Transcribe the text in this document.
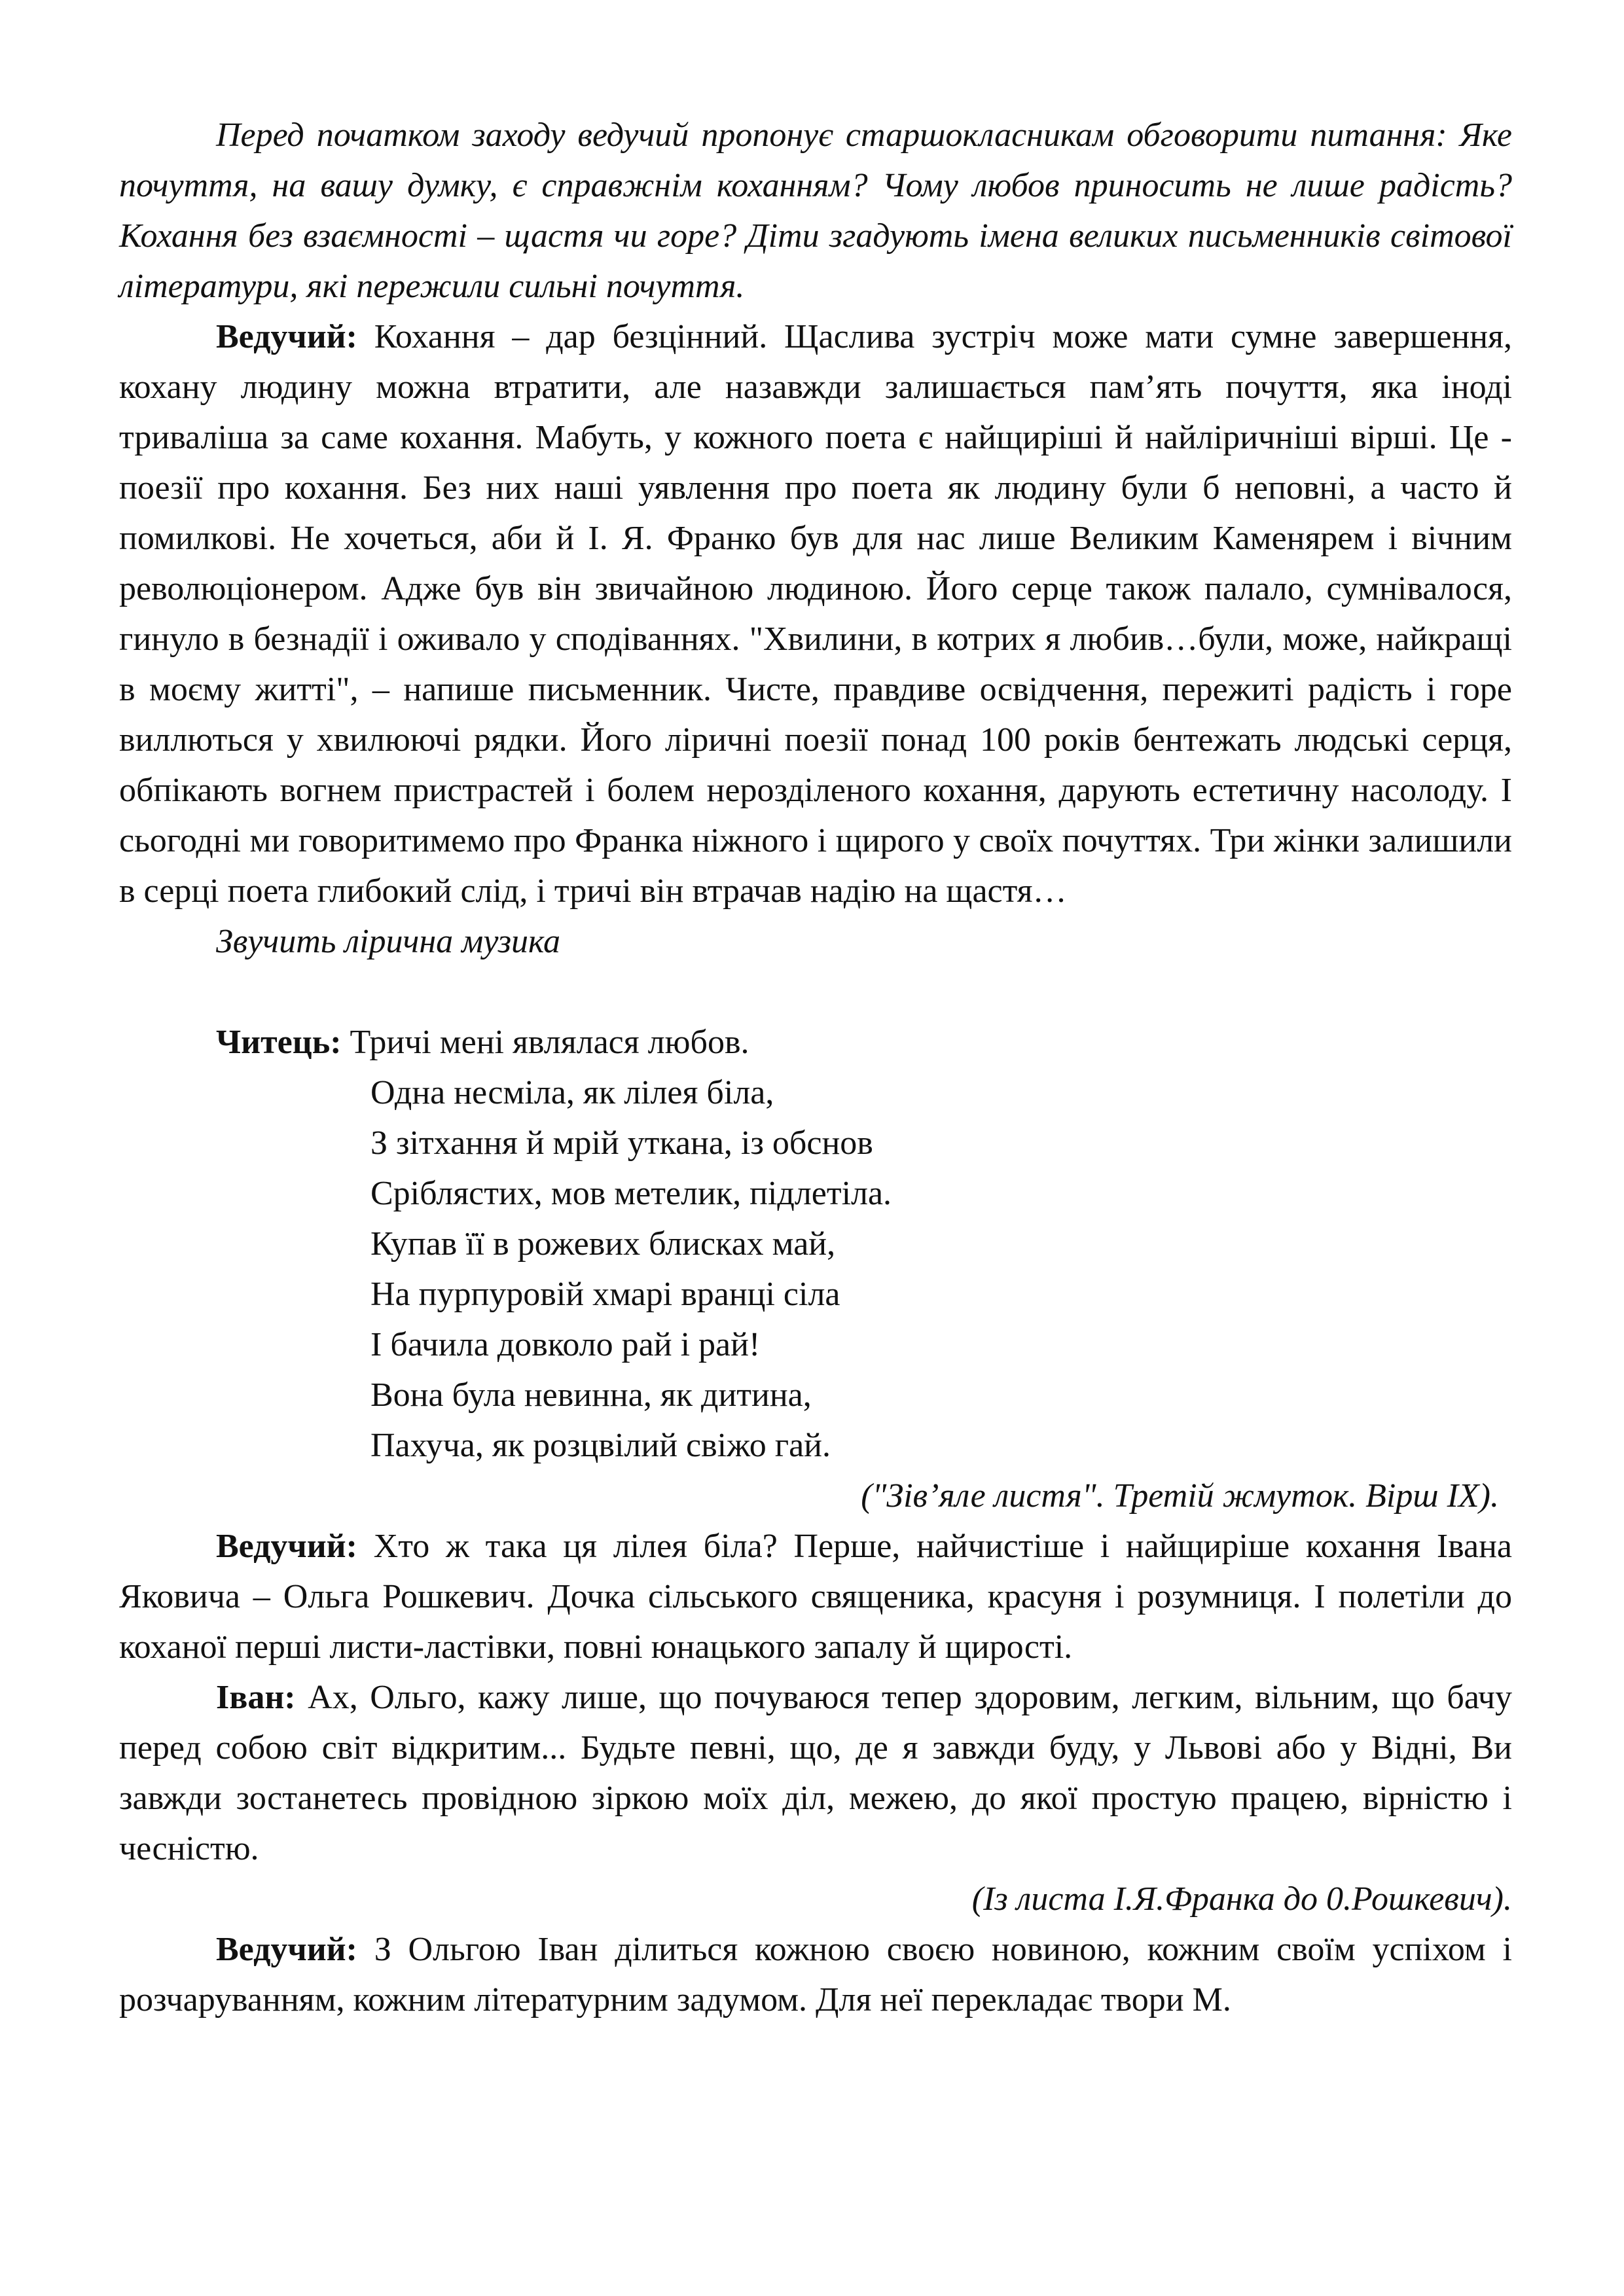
Перед початком заходу ведучий пропонує старшокласникам обговорити питання: Яке почуття, на вашу думку, є справжнім коханням? Чому любов приносить не лише радість? Кохання без взаємності – щастя чи горе? Діти згадують імена великих письменників світової літератури, які пережили сильні почуття.

Ведучий: Кохання – дар безцінний. Щаслива зустріч може мати сумне завершення, кохану людину можна втратити, але назавжди залишається пам’ять почуття, яка іноді триваліша за саме кохання. Мабуть, у кожного поета є найщиріші й найліричніші вірші. Це - поезії про кохання. Без них наші уявлення про поета як людину були б неповні, а часто й помилкові. Не хочеться, аби й І. Я. Франко був для нас лише Великим Каменярем і вічним революціонером. Адже був він звичайною людиною. Його серце також палало, сумнівалося, гинуло в безнадії і оживало у сподіваннях. "Хвилини, в котрих я любив…були, може, найкращі в моєму житті", – напише письменник. Чисте, правдиве освідчення, пережиті радість і горе виллються у хвилюючі рядки. Його ліричні поезії понад 100 років бентежать людські серця, обпікають вогнем пристрастей і болем нерозділеного кохання, дарують естетичну насолоду. І сьогодні ми говоритимемо про Франка ніжного і щирого у своїх почуттях. Три жінки залишили в серці поета глибокий слід, і тричі він втрачав надію на щастя…

Звучить лірична музика

Читець: Тричі мені являлася любов.
Одна несміла, як лілея біла,
З зітхання й мрій уткана, із обснов
Сріблястих, мов метелик, підлетіла.
Купав її в рожевих блисках май,
На пурпуровій хмарі вранці сіла
І бачила довколо рай і рай!
Вона була невинна, як дитина,
Пахуча, як розцвілий свіжо гай.
("Зів’яле листя". Третій жмуток. Вірш IX).

Ведучий: Хто ж така ця лілея біла? Перше, найчистіше і найщиріше кохання Івана Яковича – Ольга Рошкевич. Дочка сільського священика, красуня і розумниця. І полетіли до коханої перші листи-ластівки, повні юнацького запалу й щирості.

Іван: Ах, Ольго, кажу лише, що почуваюся тепер здоровим, легким, вільним, що бачу перед собою світ відкритим... Будьте певні, що, де я завжди буду, у Львові або у Відні, Ви завжди зостанетесь провідною зіркою моїх діл, межею, до якої простую працею, вірністю і чесністю.

(Із листа І.Я.Франка до 0.Рошкевич).

Ведучий: З Ольгою Іван ділиться кожною своєю новиною, кожним своїм успіхом і розчаруванням, кожним літературним задумом. Для неї перекладає твори М.
